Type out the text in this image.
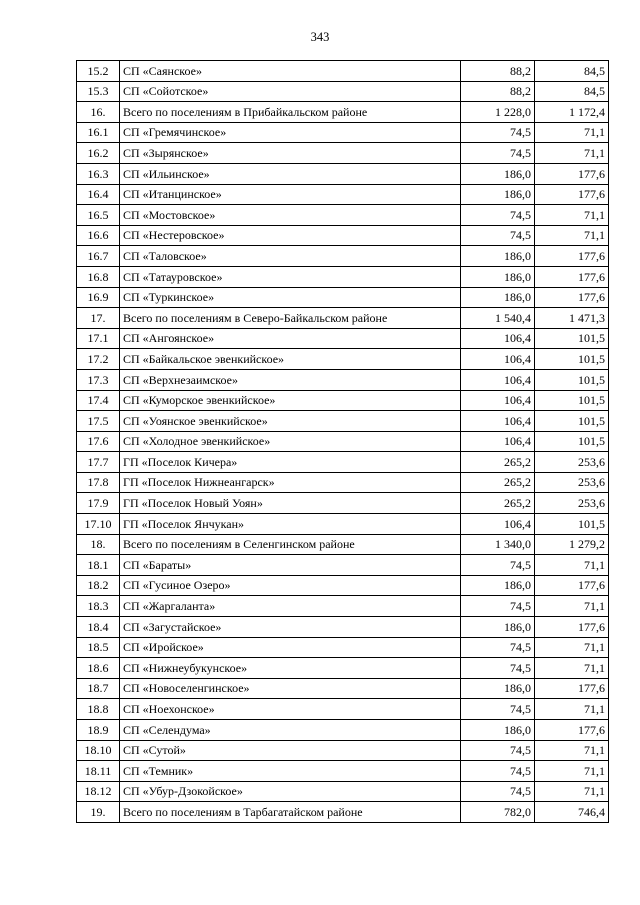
343
15.2	СП «Саянское»	88,2	84,5
15.3	СП «Сойотское»	88,2	84,5
16.	Всего по поселениям в Прибайкальском районе	1 228,0	1 172,4
16.1	СП «Гремячинское»	74,5	71,1
16.2	СП «Зырянское»	74,5	71,1
16.3	СП «Ильинское»	186,0	177,6
16.4	СП «Итанцинское»	186,0	177,6
16.5	СП «Мостовское»	74,5	71,1
16.6	СП «Нестеровское»	74,5	71,1
16.7	СП «Таловское»	186,0	177,6
16.8	СП «Татауровское»	186,0	177,6
16.9	СП «Туркинское»	186,0	177,6
17.	Всего по поселениям в Северо-Байкальском районе	1 540,4	1 471,3
17.1	СП «Ангоянское»	106,4	101,5
17.2	СП «Байкальское эвенкийское»	106,4	101,5
17.3	СП «Верхнезаимское»	106,4	101,5
17.4	СП «Куморское эвенкийское»	106,4	101,5
17.5	СП «Уоянское эвенкийское»	106,4	101,5
17.6	СП «Холодное эвенкийское»	106,4	101,5
17.7	ГП «Поселок Кичера»	265,2	253,6
17.8	ГП «Поселок Нижнеангарск»	265,2	253,6
17.9	ГП «Поселок Новый Уоян»	265,2	253,6
17.10	ГП «Поселок Янчукан»	106,4	101,5
18.	Всего по поселениям в Селенгинском районе	1 340,0	1 279,2
18.1	СП «Бараты»	74,5	71,1
18.2	СП «Гусиное Озеро»	186,0	177,6
18.3	СП «Жаргаланта»	74,5	71,1
18.4	СП «Загустайское»	186,0	177,6
18.5	СП «Иройское»	74,5	71,1
18.6	СП «Нижнеубукунское»	74,5	71,1
18.7	СП «Новоселенгинское»	186,0	177,6
18.8	СП «Ноехонское»	74,5	71,1
18.9	СП «Селендума»	186,0	177,6
18.10	СП «Сутой»	74,5	71,1
18.11	СП «Темник»	74,5	71,1
18.12	СП «Убур-Дзокойское»	74,5	71,1
19.	Всего по поселениям в Тарбагатайском районе	782,0	746,4
